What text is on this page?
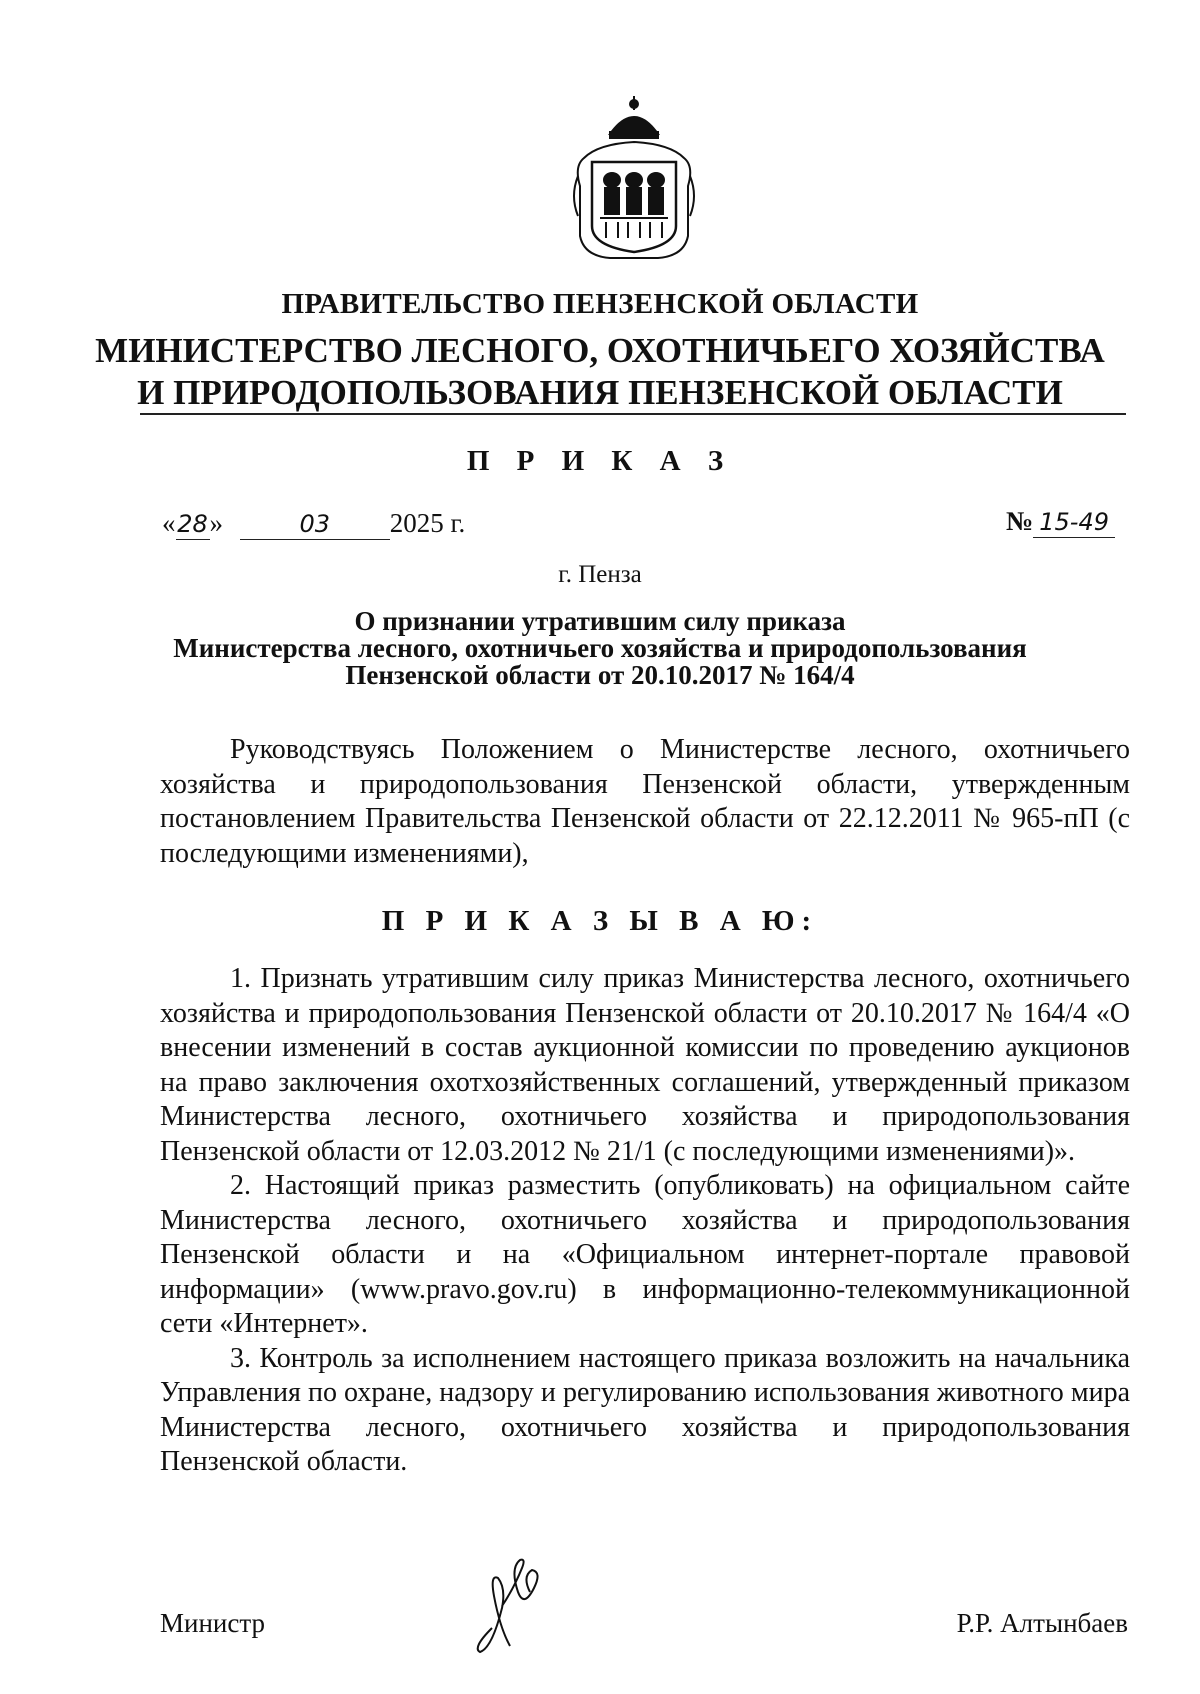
ПРАВИТЕЛЬСТВО ПЕНЗЕНСКОЙ ОБЛАСТИ
МИНИСТЕРСТВО ЛЕСНОГО, ОХОТНИЧЬЕГО ХОЗЯЙСТВА
И ПРИРОДОПОЛЬЗОВАНИЯ ПЕНЗЕНСКОЙ ОБЛАСТИ
П Р И К А З
«28»	03 2025 г.	№ 15-49
г. Пенза
О признании утратившим силу приказа
Министерства лесного, охотничьего хозяйства и природопользования
Пензенской области от 20.10.2017 № 164/4

Руководствуясь Положением о Министерстве лесного, охотничьего хозяйства и природопользования Пензенской области, утвержденным постановлением Правительства Пензенской области от 22.12.2011 № 965-пП (с последующими изменениями),

П Р И К А З Ы В А Ю:

1. Признать утратившим силу приказ Министерства лесного, охотничьего хозяйства и природопользования Пензенской области от 20.10.2017 № 164/4 «О внесении изменений в состав аукционной комиссии по проведению аукционов на право заключения охотхозяйственных соглашений, утвержденный приказом Министерства лесного, охотничьего хозяйства и природопользования Пензенской области от 12.03.2012 № 21/1 (с последующими изменениями)».

2. Настоящий приказ разместить (опубликовать) на официальном сайте Министерства лесного, охотничьего хозяйства и природопользования Пензенской области и на «Официальном интернет-портале правовой информации» (www.pravo.gov.ru) в информационно-телекоммуникационной сети «Интернет».

3. Контроль за исполнением настоящего приказа возложить на начальника Управления по охране, надзору и регулированию использования животного мира Министерства лесного, охотничьего хозяйства и природопользования Пензенской области.

Министр	Р.Р. Алтынбаев
